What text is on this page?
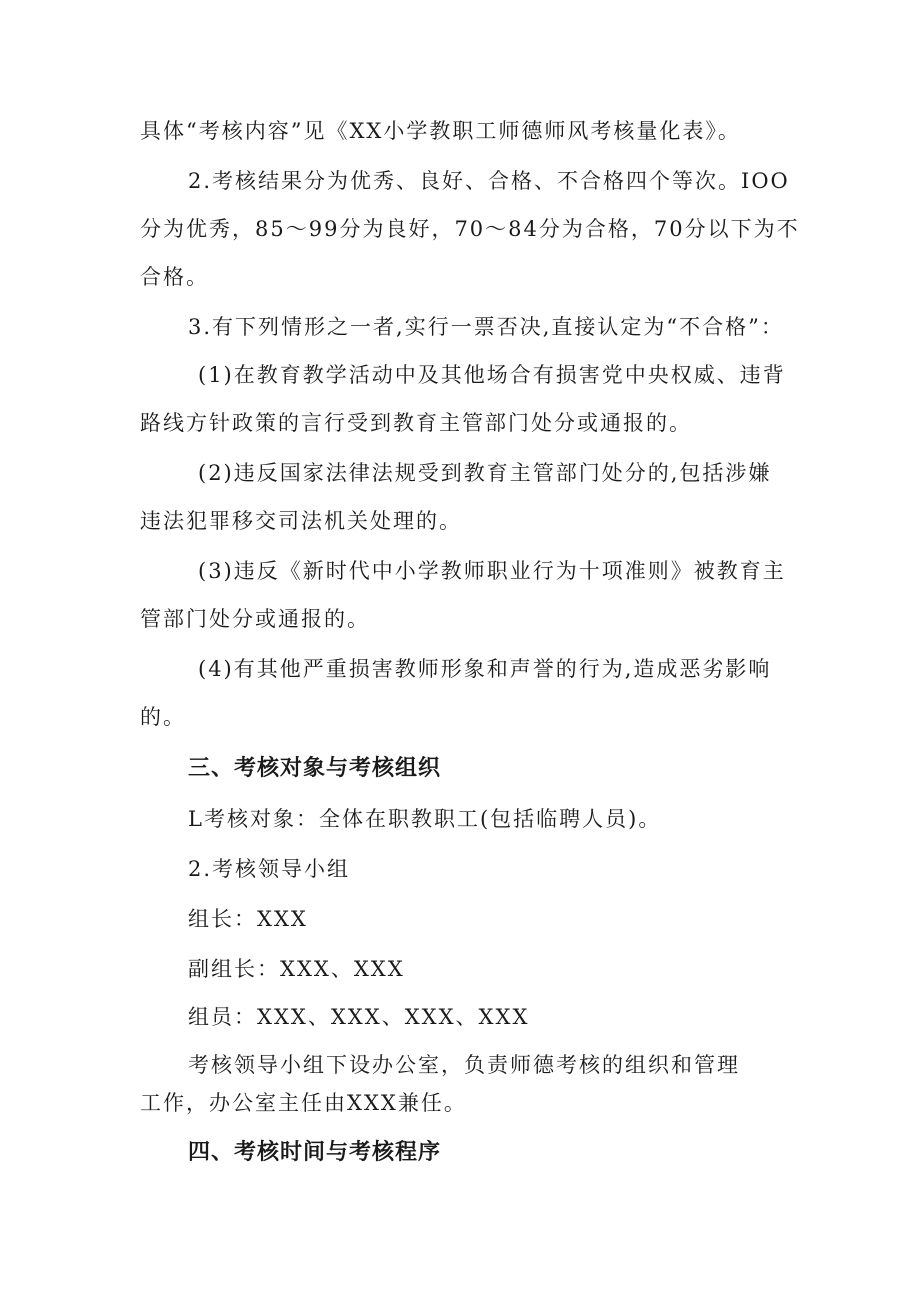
具体“考核内容”见《XX小学教职工师德师风考核量化表》。
2.考核结果分为优秀、良好、合格、不合格四个等次。IOO
分为优秀，85～99分为良好，70～84分为合格，70分以下为不
合格。
3.有下列情形之一者,实行一票否决,直接认定为“不合格”：
(1)在教育教学活动中及其他场合有损害党中央权威、违背
路线方针政策的言行受到教育主管部门处分或通报的。
(2)违反国家法律法规受到教育主管部门处分的,包括涉嫌
违法犯罪移交司法机关处理的。
(3)违反《新时代中小学教师职业行为十项准则》被教育主
管部门处分或通报的。
(4)有其他严重损害教师形象和声誉的行为,造成恶劣影响
的。
三、考核对象与考核组织
L考核对象：全体在职教职工(包括临聘人员)。
2.考核领导小组
组长：XXX
副组长：XXX、XXX
组员：XXX、XXX、XXX、XXX
考核领导小组下设办公室，负责师德考核的组织和管理
工作，办公室主任由XXX兼任。
四、考核时间与考核程序
